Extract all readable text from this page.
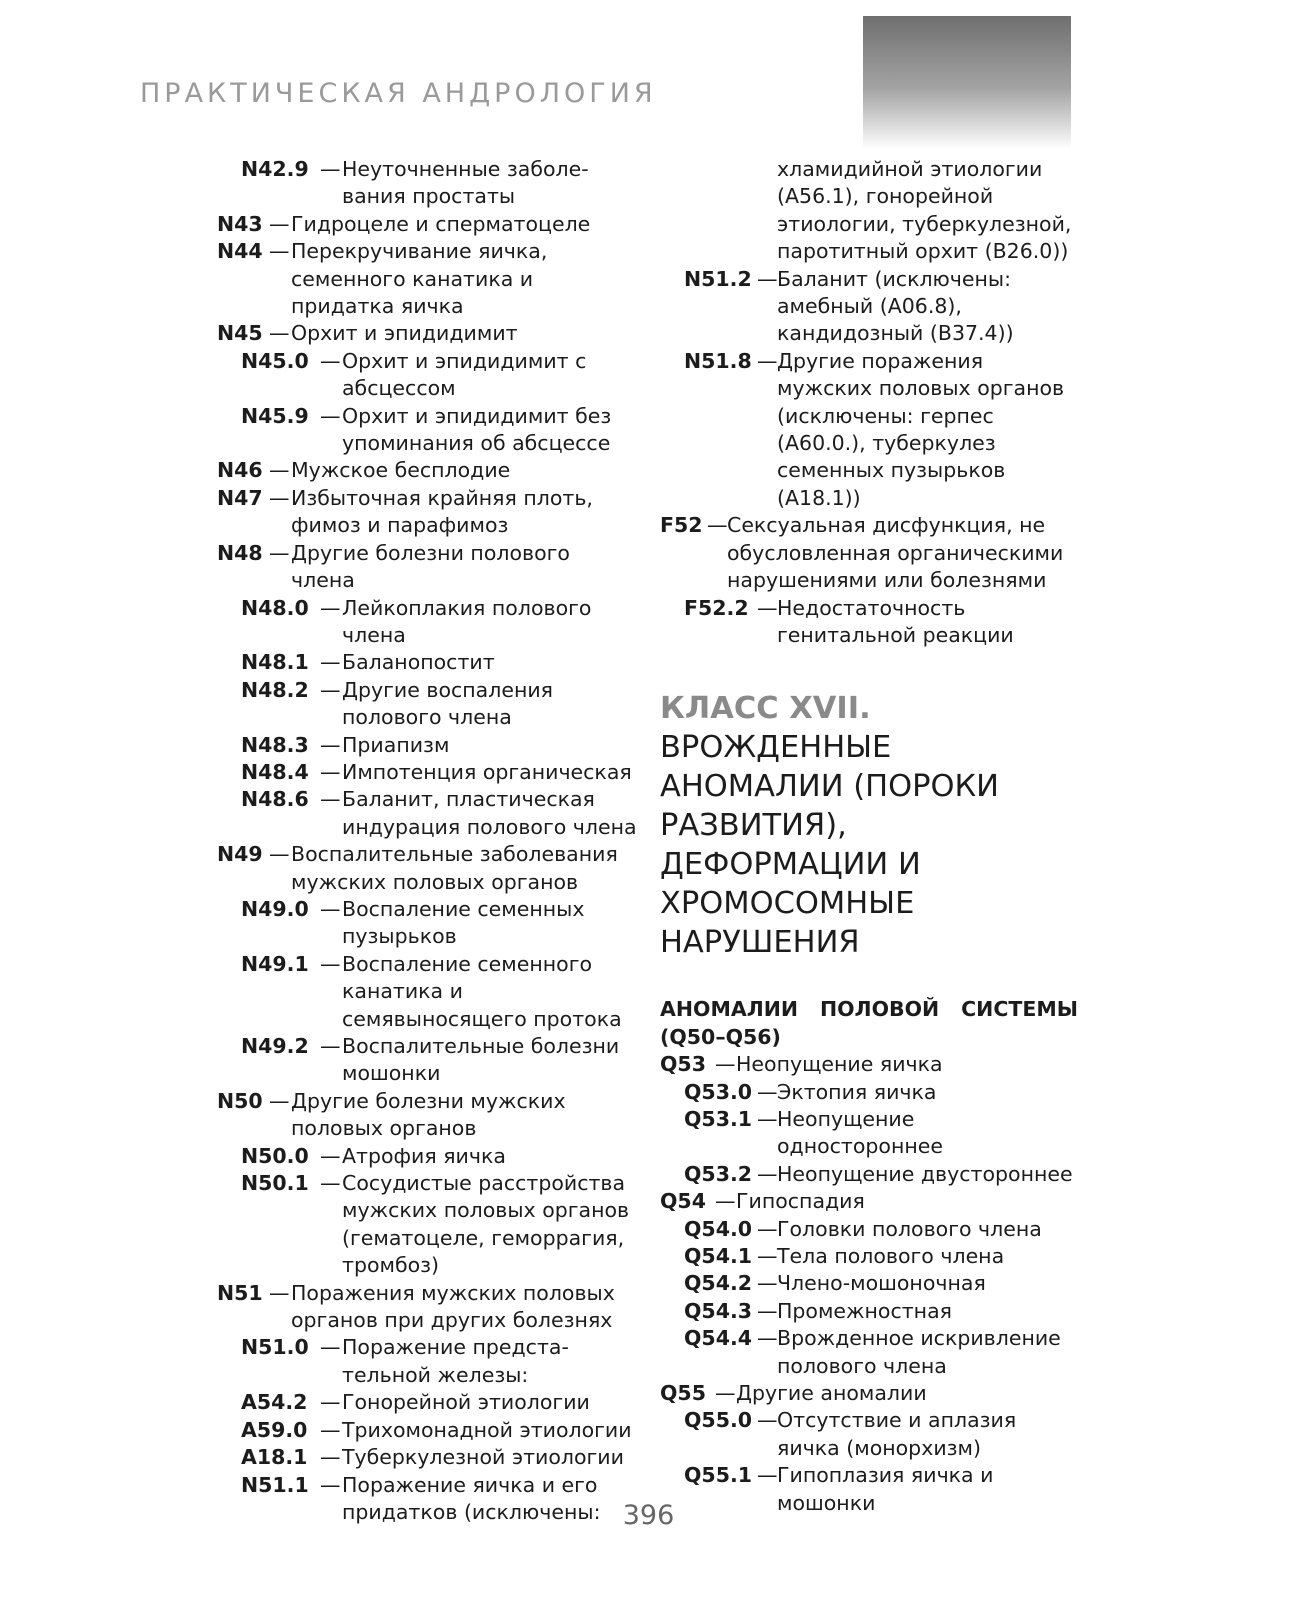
ПРАКТИЧЕСКАЯ АНДРОЛОГИЯ
N42.9 — Неуточненные заболе-вания простаты
N43 — Гидроцеле и сперматоцеле
N44 — Перекручивание яичка, семенного канатика и придатка яичка
N45 — Орхит и эпидидимит
N45.0 — Орхит и эпидидимит с абсцессом
N45.9 — Орхит и эпидидимит без упоминания об абсцессе
N46 — Мужское бесплодие
N47 — Избыточная крайняя плоть, фимоз и парафимоз
N48 — Другие болезни полового члена
N48.0 — Лейкоплакия полового члена
N48.1 — Баланопостит
N48.2 — Другие воспаления полового члена
N48.3 — Приапизм
N48.4 — Импотенция органическая
N48.6 — Баланит, пластическая индурация полового члена
N49 — Воспалительные заболевания мужских половых органов
N49.0 — Воспаление семенных пузырьков
N49.1 — Воспаление семенного канатика и семявыносящего протока
N49.2 — Воспалительные болезни мошонки
N50 — Другие болезни мужских половых органов
N50.0 — Атрофия яичка
N50.1 — Сосудистые расстройства мужских половых органов (гематоцеле, геморрагия, тромбоз)
N51 — Поражения мужских половых органов при других болезнях
N51.0 — Поражение предста-тельной железы:
A54.2 — Гонорейной этиологии
A59.0 — Трихомонадной этиологии
A18.1 — Туберкулезной этиологии
N51.1 — Поражение яичка и его придатков (исключены:
хламидийной этиологии (A56.1), гонорейной этиологии, туберкулезной, паротитный орхит (B26.0))
N51.2 — Баланит (исключены: амебный (A06.8), кандидозный (B37.4))
N51.8 — Другие поражения мужских половых органов (исключены: герпес (A60.0.), туберкулез семенных пузырьков (A18.1))
F52 — Сексуальная дисфункция, не обусловленная органическими нарушениями или болезнями
F52.2 — Недостаточность генитальной реакции
КЛАСС XVII. ВРОЖДЕННЫЕ АНОМАЛИИ (ПОРОКИ РАЗВИТИЯ), ДЕФОРМАЦИИ И ХРОМОСОМНЫЕ НАРУШЕНИЯ
АНОМАЛИИ ПОЛОВОЙ СИСТЕМЫ
(Q50–Q56)
Q53 — Неопущение яичка
Q53.0 — Эктопия яичка
Q53.1 — Неопущение одностороннее
Q53.2 — Неопущение двустороннее
Q54 — Гипоспадия
Q54.0 — Головки полового члена
Q54.1 — Тела полового члена
Q54.2 — Члено-мошоночная
Q54.3 — Промежностная
Q54.4 — Врожденное искривление полового члена
Q55 — Другие аномалии
Q55.0 — Отсутствие и аплазия яичка (монорхизм)
Q55.1 — Гипоплазия яичка и мошонки
396
